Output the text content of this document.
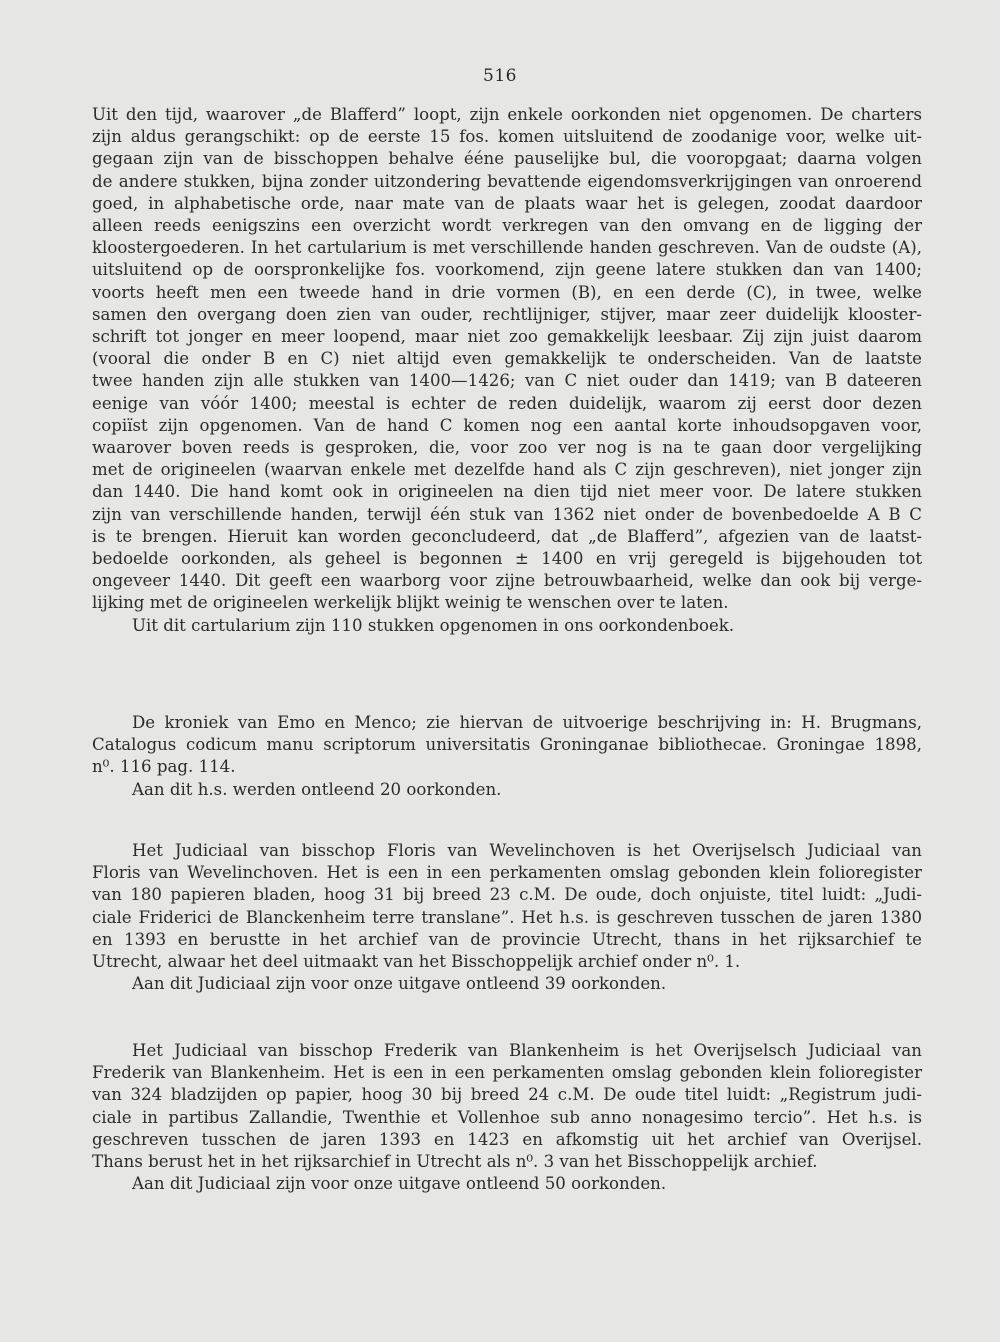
516
Uit den tijd, waarover „de Blafferd” loopt, zijn enkele oorkonden niet opgenomen. De charters
zijn aldus gerangschikt: op de eerste 15 fos. komen uitsluitend de zoodanige voor, welke uit-
gegaan zijn van de bisschoppen behalve ééne pauselijke bul, die vooropgaat; daarna volgen
de andere stukken, bijna zonder uitzondering bevattende eigendomsverkrijgingen van onroerend
goed, in alphabetische orde, naar mate van de plaats waar het is gelegen, zoodat daardoor
alleen reeds eenigszins een overzicht wordt verkregen van den omvang en de ligging der
kloostergoederen. In het cartularium is met verschillende handen geschreven. Van de oudste (A),
uitsluitend op de oorspronkelijke fos. voorkomend, zijn geene latere stukken dan van 1400;
voorts heeft men een tweede hand in drie vormen (B), en een derde (C), in twee, welke
samen den overgang doen zien van ouder, rechtlijniger, stijver, maar zeer duidelijk klooster-
schrift tot jonger en meer loopend, maar niet zoo gemakkelijk leesbaar. Zij zijn juist daarom
(vooral die onder B en C) niet altijd even gemakkelijk te onderscheiden. Van de laatste
twee handen zijn alle stukken van 1400—1426; van C niet ouder dan 1419; van B dateeren
eenige van vóór 1400; meestal is echter de reden duidelijk, waarom zij eerst door dezen
copiïst zijn opgenomen. Van de hand C komen nog een aantal korte inhoudsopgaven voor,
waarover boven reeds is gesproken, die, voor zoo ver nog is na te gaan door vergelijking
met de origineelen (waarvan enkele met dezelfde hand als C zijn geschreven), niet jonger zijn
dan 1440. Die hand komt ook in origineelen na dien tijd niet meer voor. De latere stukken
zijn van verschillende handen, terwijl één stuk van 1362 niet onder de bovenbedoelde A B C
is te brengen. Hieruit kan worden geconcludeerd, dat „de Blafferd”, afgezien van de laatst-
bedoelde oorkonden, als geheel is begonnen ± 1400 en vrij geregeld is bijgehouden tot
ongeveer 1440. Dit geeft een waarborg voor zijne betrouwbaarheid, welke dan ook bij verge-
lijking met de origineelen werkelijk blijkt weinig te wenschen over te laten.
Uit dit cartularium zijn 110 stukken opgenomen in ons oorkondenboek.
De kroniek van Emo en Menco; zie hiervan de uitvoerige beschrijving in: H. Brugmans,
Catalogus codicum manu scriptorum universitatis Groninganae bibliothecae. Groningae 1898,
n⁰. 116 pag. 114.
Aan dit h.s. werden ontleend 20 oorkonden.
Het Judiciaal van bisschop Floris van Wevelinchoven is het Overijselsch Judiciaal van
Floris van Wevelinchoven. Het is een in een perkamenten omslag gebonden klein folioregister
van 180 papieren bladen, hoog 31 bij breed 23 c.M. De oude, doch onjuiste, titel luidt: „Judi-
ciale Friderici de Blanckenheim terre translane”. Het h.s. is geschreven tusschen de jaren 1380
en 1393 en berustte in het archief van de provincie Utrecht, thans in het rijksarchief te
Utrecht, alwaar het deel uitmaakt van het Bisschoppelijk archief onder n⁰. 1.
Aan dit Judiciaal zijn voor onze uitgave ontleend 39 oorkonden.
Het Judiciaal van bisschop Frederik van Blankenheim is het Overijselsch Judiciaal van
Frederik van Blankenheim. Het is een in een perkamenten omslag gebonden klein folioregister
van 324 bladzijden op papier, hoog 30 bij breed 24 c.M. De oude titel luidt: „Registrum judi-
ciale in partibus Zallandie, Twenthie et Vollenhoe sub anno nonagesimo tercio”. Het h.s. is
geschreven tusschen de jaren 1393 en 1423 en afkomstig uit het archief van Overijsel.
Thans berust het in het rijksarchief in Utrecht als n⁰. 3 van het Bisschoppelijk archief.
Aan dit Judiciaal zijn voor onze uitgave ontleend 50 oorkonden.
